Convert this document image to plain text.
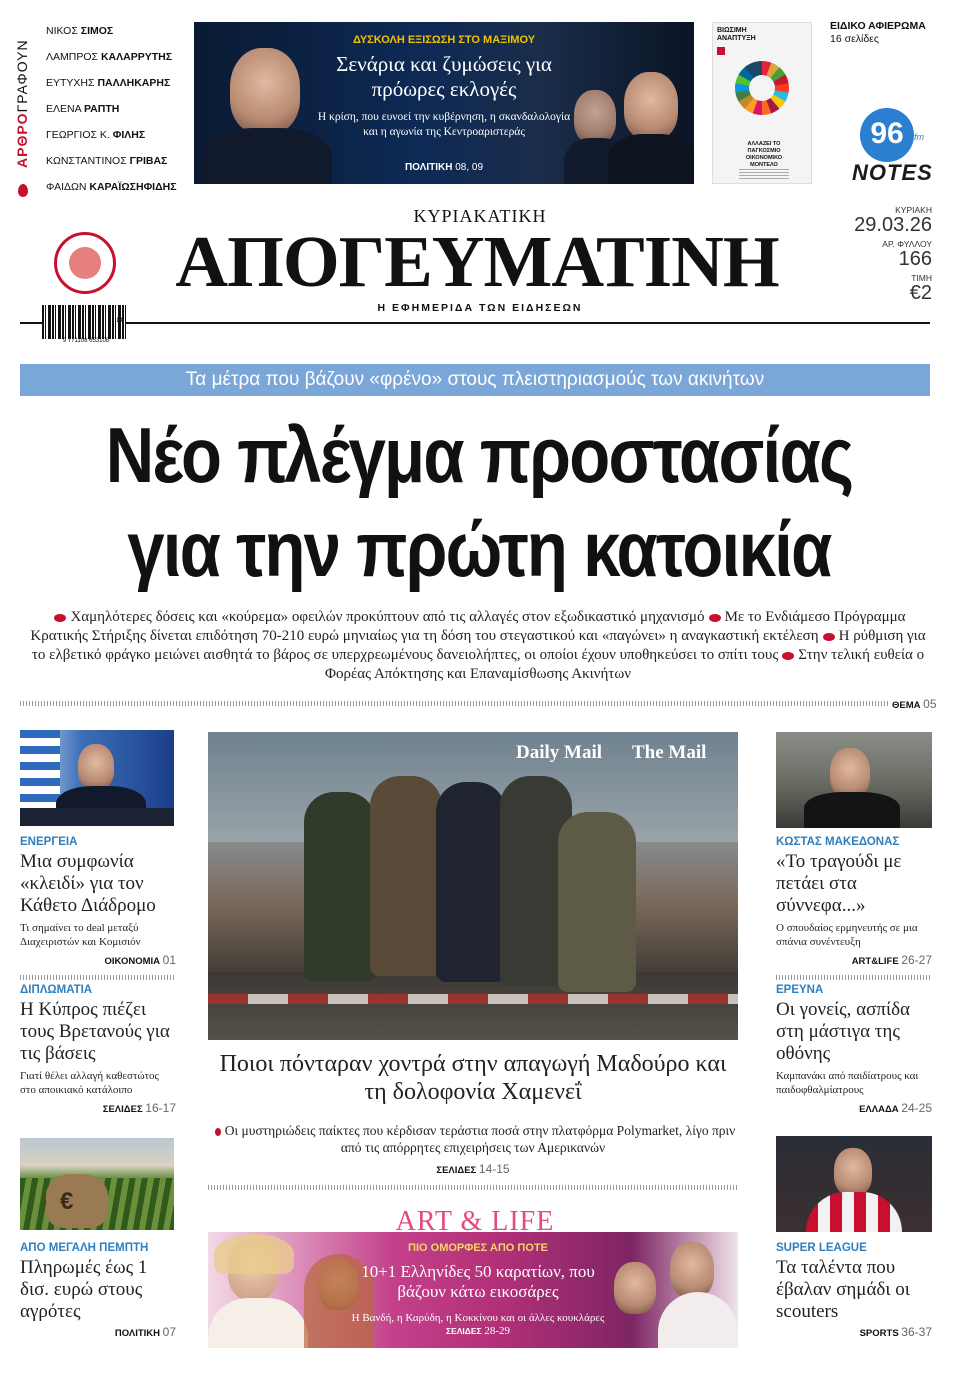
ΑΡΘΡΟΓΡΑΦΟΥΝ
ΝΙΚΟΣ ΣΙΜΟΣ
ΛΑΜΠΡΟΣ ΚΑΛΑΡΡΥΤΗΣ
ΕΥΤΥΧΗΣ ΠΑΛΛΗΚΑΡΗΣ
ΕΛΕΝΑ ΡΑΠΤΗ
ΓΕΩΡΓΙΟΣ Κ. ΦΙΛΗΣ
ΚΩΝΣΤΑΝΤΙΝΟΣ ΓΡΙΒΑΣ
ΦΑΙΔΩΝ ΚΑΡΑΪΩΣΗΦΙΔΗΣ
ΔΥΣΚΟΛΗ ΕΞΙΣΩΣΗ ΣΤΟ ΜΑΞΙΜΟΥ
Σενάρια και ζυμώσεις για πρόωρες εκλογές
Η κρίση, που ευνοεί την κυβέρνηση, η σκανδαλολογία και η αγωνία της Κεντροαριστεράς
ΠΟΛΙΤΙΚΗ 08, 09
ΒΙΩΣΙΜΗ ΑΝΑΠΤΥΞΗ
ΑΛΛΑΖΕΙ ΤΟ ΠΑΓΚΟΣΜΙΟ ΟΙΚΟΝΟΜΙΚΟ ΜΟΝΤΕΛΟ
ΕΙΔΙΚΟ ΑΦΙΕΡΩΜΑ
16 σελίδες
96	fm
NOTES
ΚΥΡΙΑΚΑΤΙΚΗ
ΑΠΟΓΕΥΜΑΤΙΝΗ
14
9 771108 653108
Η ΕΦΗΜΕΡΙΔΑ ΤΩΝ ΕΙΔΗΣΕΩΝ
ΚΥΡΙΑΚΗ
29.03.26
ΑΡ. ΦΥΛΛΟΥ
166
ΤΙΜΗ
€2
Τα μέτρα που βάζουν «φρένο» στους πλειστηριασμούς των ακινήτων
Νέο πλέγμα προστασίας
για την πρώτη κατοικία
Χαμηλότερες δόσεις και «κούρεμα» οφειλών προκύπτουν από τις αλλαγές στον εξωδικαστικό μηχανισμό Με το Ενδιάμεσο Πρόγραμμα Κρατικής Στήριξης δίνεται επιδότηση 70-210 ευρώ μηνιαίως για τη δόση του στεγαστικού και «παγώνει» η αναγκαστική εκτέλεση Η ρύθμιση για το ελβετικό φράγκο μειώνει αισθητά το βάρος σε υπερχρεωμένους δανειολήπτες, οι οποίοι έχουν υποθηκεύσει το σπίτι τους Στην τελική ευθεία ο Φορέας Απόκτησης και Επαναμίσθωσης Ακινήτων
ΘΕΜΑ 05
ΕΝΕΡΓΕΙΑ
Μια συμφωνία «κλειδί» για τον Κάθετο Διάδρομο
Τι σημαίνει το deal μεταξύ Διαχειριστών και Κομισιόν
ΟΙΚΟΝΟΜΙΑ 01
ΔΙΠΛΩΜΑΤΙΑ
Η Κύπρος πιέζει τους Βρετανούς για τις βάσεις
Γιατί θέλει αλλαγή καθεστώτος στο αποικιακό κατάλοιπο
ΣΕΛΙΔΕΣ 16-17
€
ΑΠΟ ΜΕΓΑΛΗ ΠΕΜΠΤΗ
Πληρωμές έως 1 δισ. ευρώ στους αγρότες
ΠΟΛΙΤΙΚΗ 07
Daily Mail The Mail
Ποιοι πόνταραν χοντρά στην απαγωγή Μαδούρο και τη δολοφονία Χαμενεΐ
Οι μυστηριώδεις παίκτες που κέρδισαν τεράστια ποσά στην πλατφόρμα Polymarket, λίγο πριν από τις απόρρητες επιχειρήσεις των Αμερικανών
ΣΕΛΙΔΕΣ 14-15
ΠΙΟ ΟΜΟΡΦΕΣ ΑΠΟ ΠΟΤΕ
10+1 Ελληνίδες 50 καρατίων, που βάζουν κάτω εικοσάρες
Η Βανδή, η Καρύδη, η Κοκκίνου και οι άλλες κουκλάρες ΣΕΛΙΔΕΣ 28-29
ART & LIFE
ΚΩΣΤΑΣ ΜΑΚΕΔΟΝΑΣ
«Το τραγούδι με πετάει στα σύννεφα...»
Ο σπουδαίος ερμηνευτής σε μια σπάνια συνέντευξη
ART&LIFE 26-27
ΕΡΕΥΝΑ
Οι γονείς, ασπίδα στη μάστιγα της οθόνης
Καμπανάκι από παιδίατρους και παιδοφθαλμίατρους
ΕΛΛΑΔΑ 24-25
SUPER LEAGUE
Τα ταλέντα που έβαλαν σημάδι οι scouters
SPORTS 36-37
